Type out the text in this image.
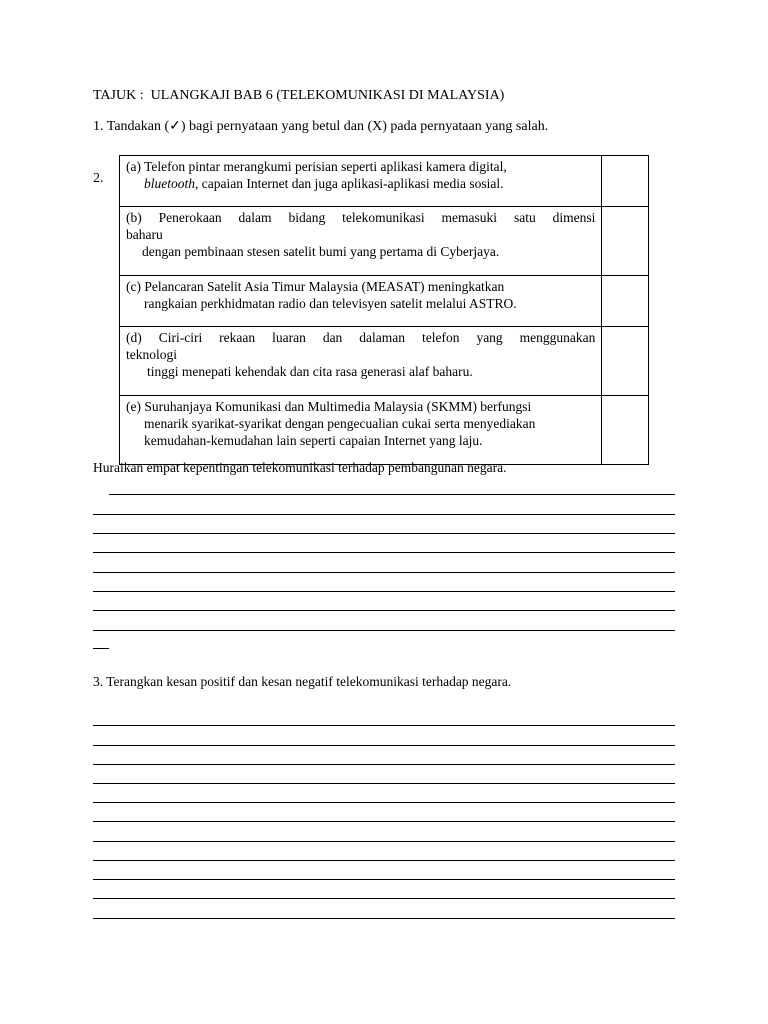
TAJUK :  ULANGKAJI BAB 6 (TELEKOMUNIKASI DI MALAYSIA)
1. Tandakan (✓) bagi pernyataan yang betul dan (X) pada pernyataan yang salah.
2.
(a) Telefon pintar merangkumi perisian seperti aplikasi kamera digital,
bluetooth, capaian Internet dan juga aplikasi-aplikasi media sosial.	

(b) Penerokaan dalam bidang telekomunikasi memasuki satu dimensi
baharu
dengan pembinaan stesen satelit bumi yang pertama di Cyberjaya.	

(c) Pelancaran Satelit Asia Timur Malaysia (MEASAT) meningkatkan
rangkaian perkhidmatan radio dan televisyen satelit melalui ASTRO.	

(d) Ciri-ciri rekaan luaran dan dalaman telefon yang menggunakan
teknologi
tinggi menepati kehendak dan cita rasa generasi alaf baharu.	

(e) Suruhanjaya Komunikasi dan Multimedia Malaysia (SKMM) berfungsi
menarik syarikat-syarikat dengan pengecualian cukai serta menyediakan
kemudahan-kemudahan lain seperti capaian Internet yang laju.	

Huraikan empat kepentingan telekomunikasi terhadap pembangunan negara.
3. Terangkan kesan positif dan kesan negatif telekomunikasi terhadap negara.
